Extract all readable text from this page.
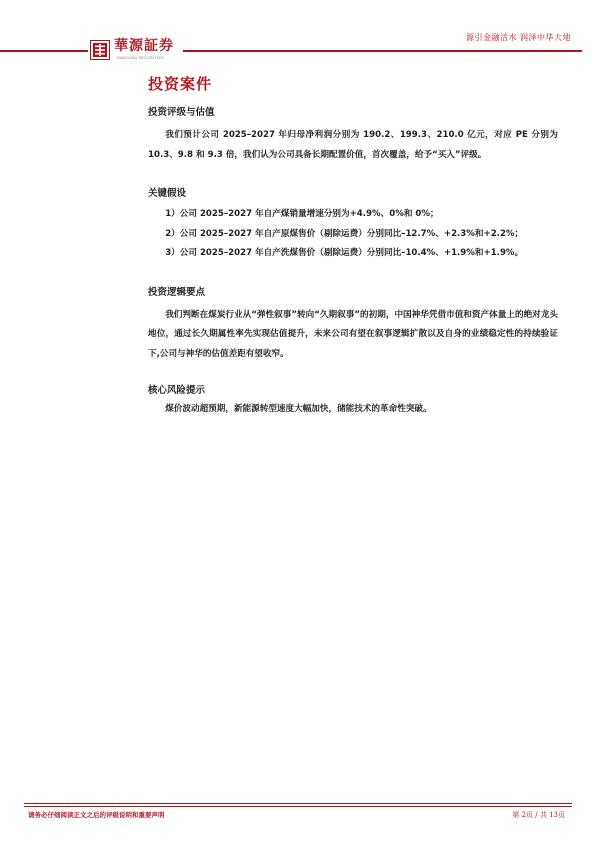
華源証券
HUAYUAN SECURITIES
源引金融活水 润泽中华大地
投资案件

投资评级与估值

我们预计公司 2025–2027 年归母净利润分别为 190.2、199.3、210.0 亿元，对应 PE 分别为 10.3、9.8 和 9.3 倍，我们认为公司具备长期配置价值，首次覆盖，给予“买入”评级。

关键假设

1）公司 2025–2027 年自产煤销量增速分别为+4.9%、0%和 0%；

2）公司 2025–2027 年自产原煤售价（剔除运费）分别同比–12.7%、+2.3%和+2.2%；

3）公司 2025–2027 年自产洗煤售价（剔除运费）分别同比–10.4%、+1.9%和+1.9%。

投资逻辑要点

我们判断在煤炭行业从“弹性叙事”转向“久期叙事”的初期，中国神华凭借市值和资产体量上的绝对龙头地位，通过长久期属性率先实现估值提升，未来公司有望在叙事逻辑扩散以及自身的业绩稳定性的持续验证下,公司与神华的估值差距有望收窄。

核心风险提示

煤价波动超预期，新能源转型速度大幅加快，储能技术的革命性突破。

请务必仔细阅读正文之后的评级说明和重要声明	第 2页 / 共 13页
